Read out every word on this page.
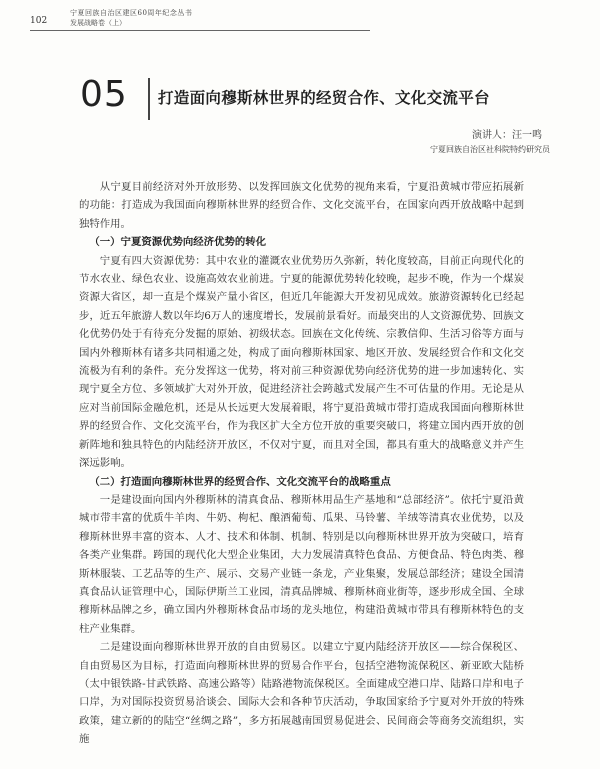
102
宁夏回族自治区建区60周年纪念丛书
发展战略卷（上）
05 打造面向穆斯林世界的经贸合作、文化交流平台
演讲人：汪一鸣
宁夏回族自治区社科院特约研究员

从宁夏目前经济对外开放形势、以发挥回族文化优势的视角来看，宁夏沿黄城市带应拓展新的功能：打造成为我国面向穆斯林世界的经贸合作、文化交流平台，在国家向西开放战略中起到独特作用。

（一）宁夏资源优势向经济优势的转化

宁夏有四大资源优势：其中农业的灌溉农业优势历久弥新，转化度较高，目前正向现代化的节水农业、绿色农业、设施高效农业前进。宁夏的能源优势转化较晚，起步不晚，作为一个煤炭资源大省区，却一直是个煤炭产量小省区，但近几年能源大开发初见成效。旅游资源转化已经起步，近五年旅游人数以年均6万人的速度增长，发展前景看好。而最突出的人文资源优势、回族文化优势仍处于有待充分发掘的原始、初级状态。回族在文化传统、宗教信仰、生活习俗等方面与国内外穆斯林有诸多共同相通之处，构成了面向穆斯林国家、地区开放、发展经贸合作和文化交流极为有利的条件。充分发挥这一优势，将对前三种资源优势向经济优势的进一步加速转化、实现宁夏全方位、多领域扩大对外开放，促进经济社会跨越式发展产生不可估量的作用。无论是从应对当前国际金融危机，还是从长远更大发展着眼，将宁夏沿黄城市带打造成我国面向穆斯林世界的经贸合作、文化交流平台，作为我区扩大全方位开放的重要突破口，将建立国内西开放的创新阵地和独具特色的内陆经济开放区，不仅对宁夏，而且对全国，都具有重大的战略意义并产生深远影响。

（二）打造面向穆斯林世界的经贸合作、文化交流平台的战略重点

一是建设面向国内外穆斯林的清真食品、穆斯林用品生产基地和“总部经济”。依托宁夏沿黄城市带丰富的优质牛羊肉、牛奶、枸杞、酿酒葡萄、瓜果、马铃薯、羊绒等清真农业优势，以及穆斯林世界丰富的资本、人才、技术和体制、机制、特别是以向穆斯林世界开放为突破口，培育各类产业集群。跨国的现代化大型企业集团，大力发展清真特色食品、方便食品、特色肉类、穆斯林服装、工艺品等的生产、展示、交易产业链一条龙，产业集聚，发展总部经济；建设全国清真食品认证管理中心，国际伊斯兰工业园，清真品牌城、穆斯林商业街等，逐步形成全国、全球穆斯林品牌之乡，确立国内外穆斯林食品市场的龙头地位，构建沿黄城市带具有穆斯林特色的支柱产业集群。

二是建设面向穆斯林世界开放的自由贸易区。以建立宁夏内陆经济开放区——综合保税区、自由贸易区为目标，打造面向穆斯林世界的贸易合作平台，包括空港物流保税区、新亚欧大陆桥（太中银铁路-甘武铁路、高速公路等）陆路港物流保税区。全面建成空港口岸、陆路口岸和电子口岸，为对国际投资贸易洽谈会、国际大会和各种节庆活动，争取国家给予宁夏对外开放的特殊政策，建立新的的陆空“丝绸之路”，多方拓展越南国贸易促进会、民间商会等商务交流组织，实施
